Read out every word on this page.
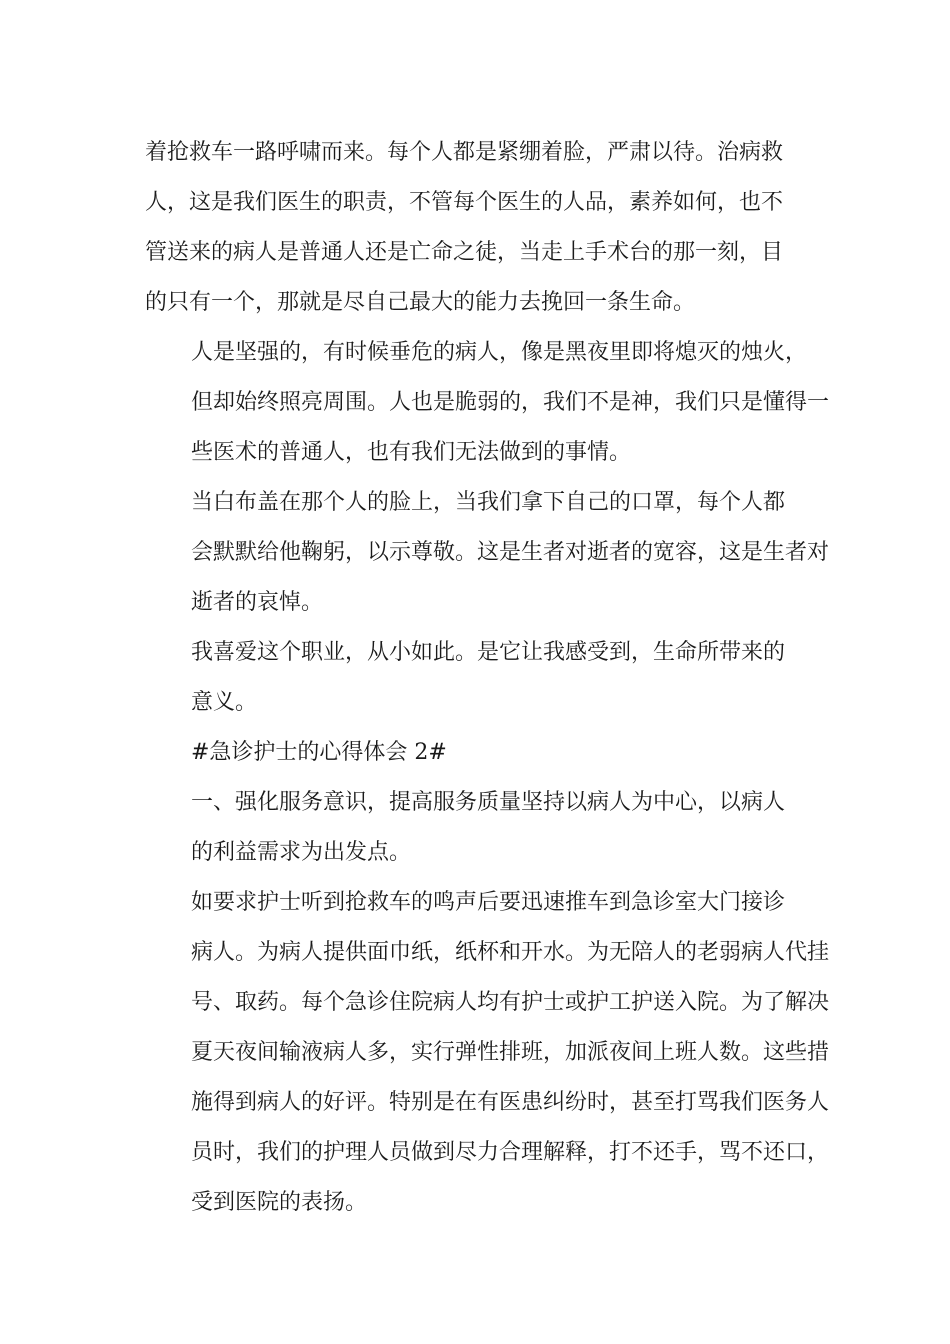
着抢救车一路呼啸而来。每个人都是紧绷着脸，严肃以待。治病救
人，这是我们医生的职责，不管每个医生的人品，素养如何，也不
管送来的病人是普通人还是亡命之徒，当走上手术台的那一刻，目
的只有一个，那就是尽自己最大的能力去挽回一条生命。

人是坚强的，有时候垂危的病人，像是黑夜里即将熄灭的烛火，
但却始终照亮周围。人也是脆弱的，我们不是神，我们只是懂得一
些医术的普通人，也有我们无法做到的事情。

当白布盖在那个人的脸上，当我们拿下自己的口罩，每个人都
会默默给他鞠躬，以示尊敬。这是生者对逝者的宽容，这是生者对
逝者的哀悼。

我喜爱这个职业，从小如此。是它让我感受到，生命所带来的
意义。

#急诊护士的心得体会 2#

一、强化服务意识，提高服务质量坚持以病人为中心，以病人
的利益需求为出发点。

如要求护士听到抢救车的鸣声后要迅速推车到急诊室大门接诊
病人。为病人提供面巾纸，纸杯和开水。为无陪人的老弱病人代挂
号、取药。每个急诊住院病人均有护士或护工护送入院。为了解决
夏天夜间输液病人多，实行弹性排班，加派夜间上班人数。这些措
施得到病人的好评。特别是在有医患纠纷时，甚至打骂我们医务人
员时，我们的护理人员做到尽力合理解释，打不还手，骂不还口，
受到医院的表扬。
